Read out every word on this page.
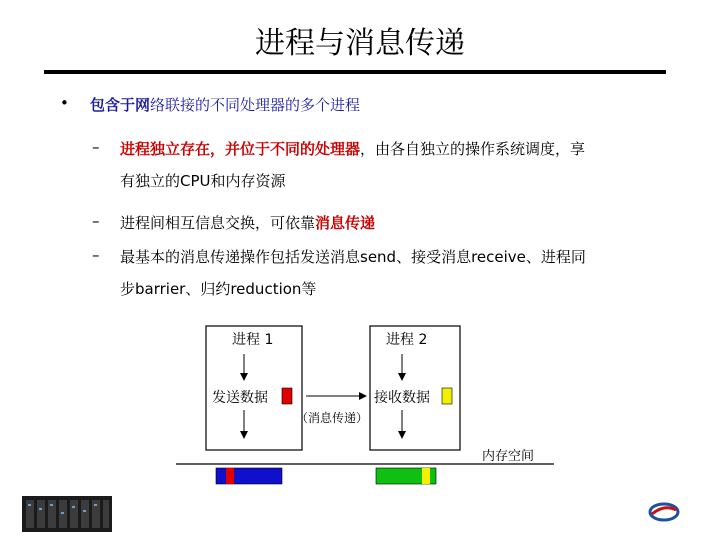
进程与消息传递
• 包含于网络联接的不同处理器的多个进程
– 进程独立存在，并位于不同的处理器，由各自独立的操作系统调度，享
有独立的CPU和内存资源
– 进程间相互信息交换，可依靠消息传递
– 最基本的消息传递操作包括发送消息send、接受消息receive、进程同
步barrier、归约reduction等
进程 1	进程 2
发送数据	接收数据
（消息传递）
内存空间
